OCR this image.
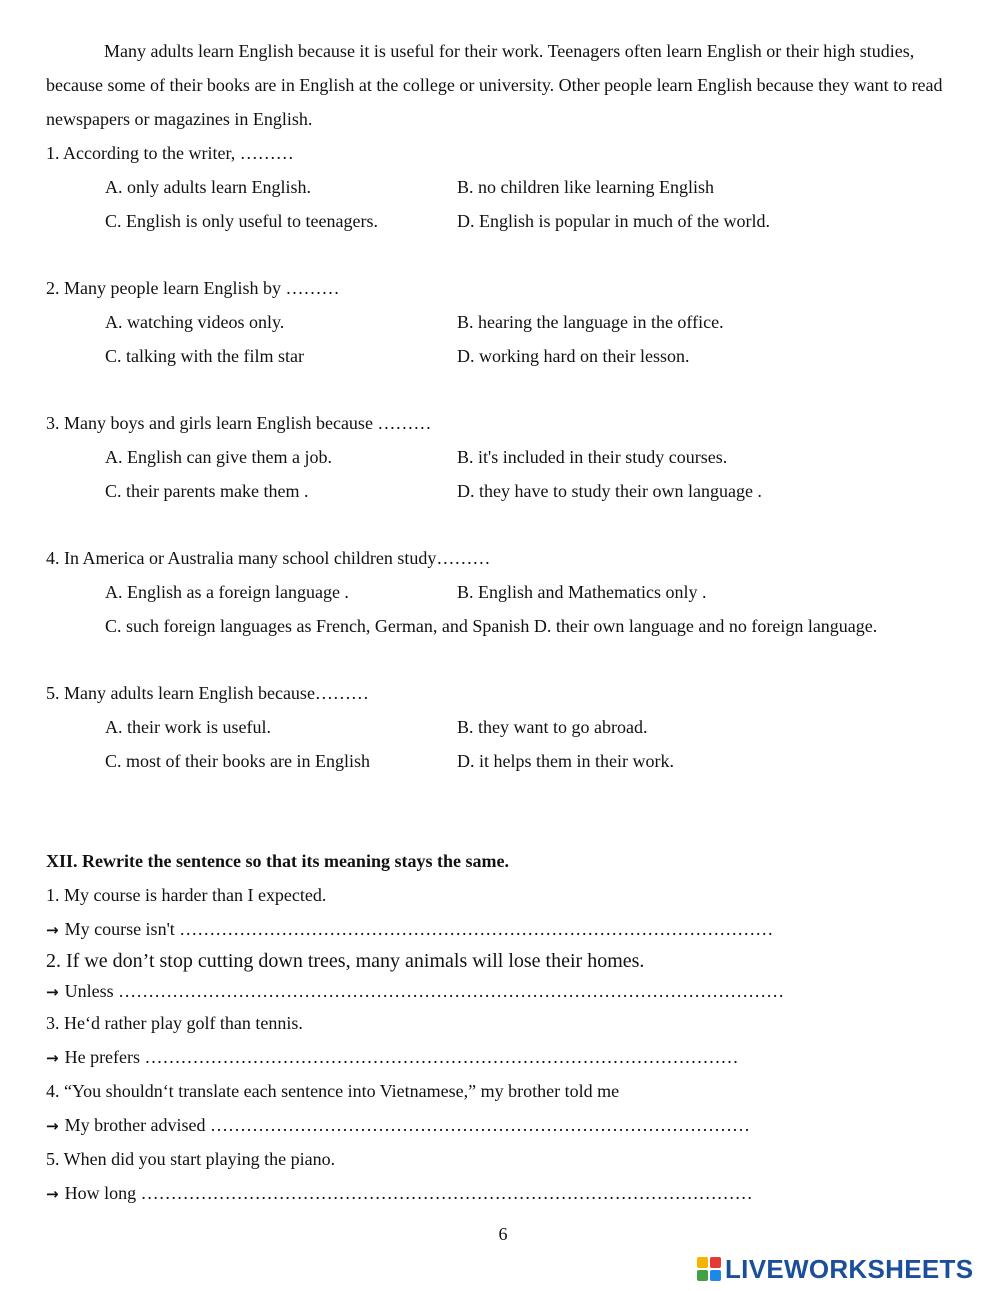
Many adults learn English because it is useful for their work. Teenagers often learn English or their high studies, because some of their books are in English at the college or university. Other people learn English because they want to read newspapers or magazines in English.

1. According to the writer, ………
A. only adults learn English.	B. no children like learning English
C. English is only useful to teenagers.	D. English is popular in much of the world.
2. Many people learn English by ………
A. watching videos only.	B. hearing the language in the office.
C. talking with the film star	D. working hard on their lesson.
3. Many boys and girls learn English because ………
A. English can give them a job.	B. it's included in their study courses.
C. their parents make them .	D. they have to study their own language .
4. In America or Australia many school children study………
A. English as a foreign language .	B. English and Mathematics only .
C. such foreign languages as French, German, and Spanish D. their own language and no foreign language.
5. Many adults learn English because………
A. their work is useful.	B. they want to go abroad.
C. most of their books are in English	D. it helps them in their work.
XII. Rewrite the sentence so that its meaning stays the same.
1. My course is harder than I expected.
→ My course isn't ………………………………………………………………………………………
2. If we don’t stop cutting down trees, many animals will lose their homes.
→ Unless …………………………………………………………………………………………………
3. He‘d rather play golf than tennis.
→ He prefers ………………………………………………………………………………………
4. “You shouldn‘t translate each sentence into Vietnamese,” my brother told me
→ My brother advised ………………………………………………………………………………
5. When did you start playing the piano.
→ How long …………………………………………………………………………………………
6
LIVEWORKSHEETS
